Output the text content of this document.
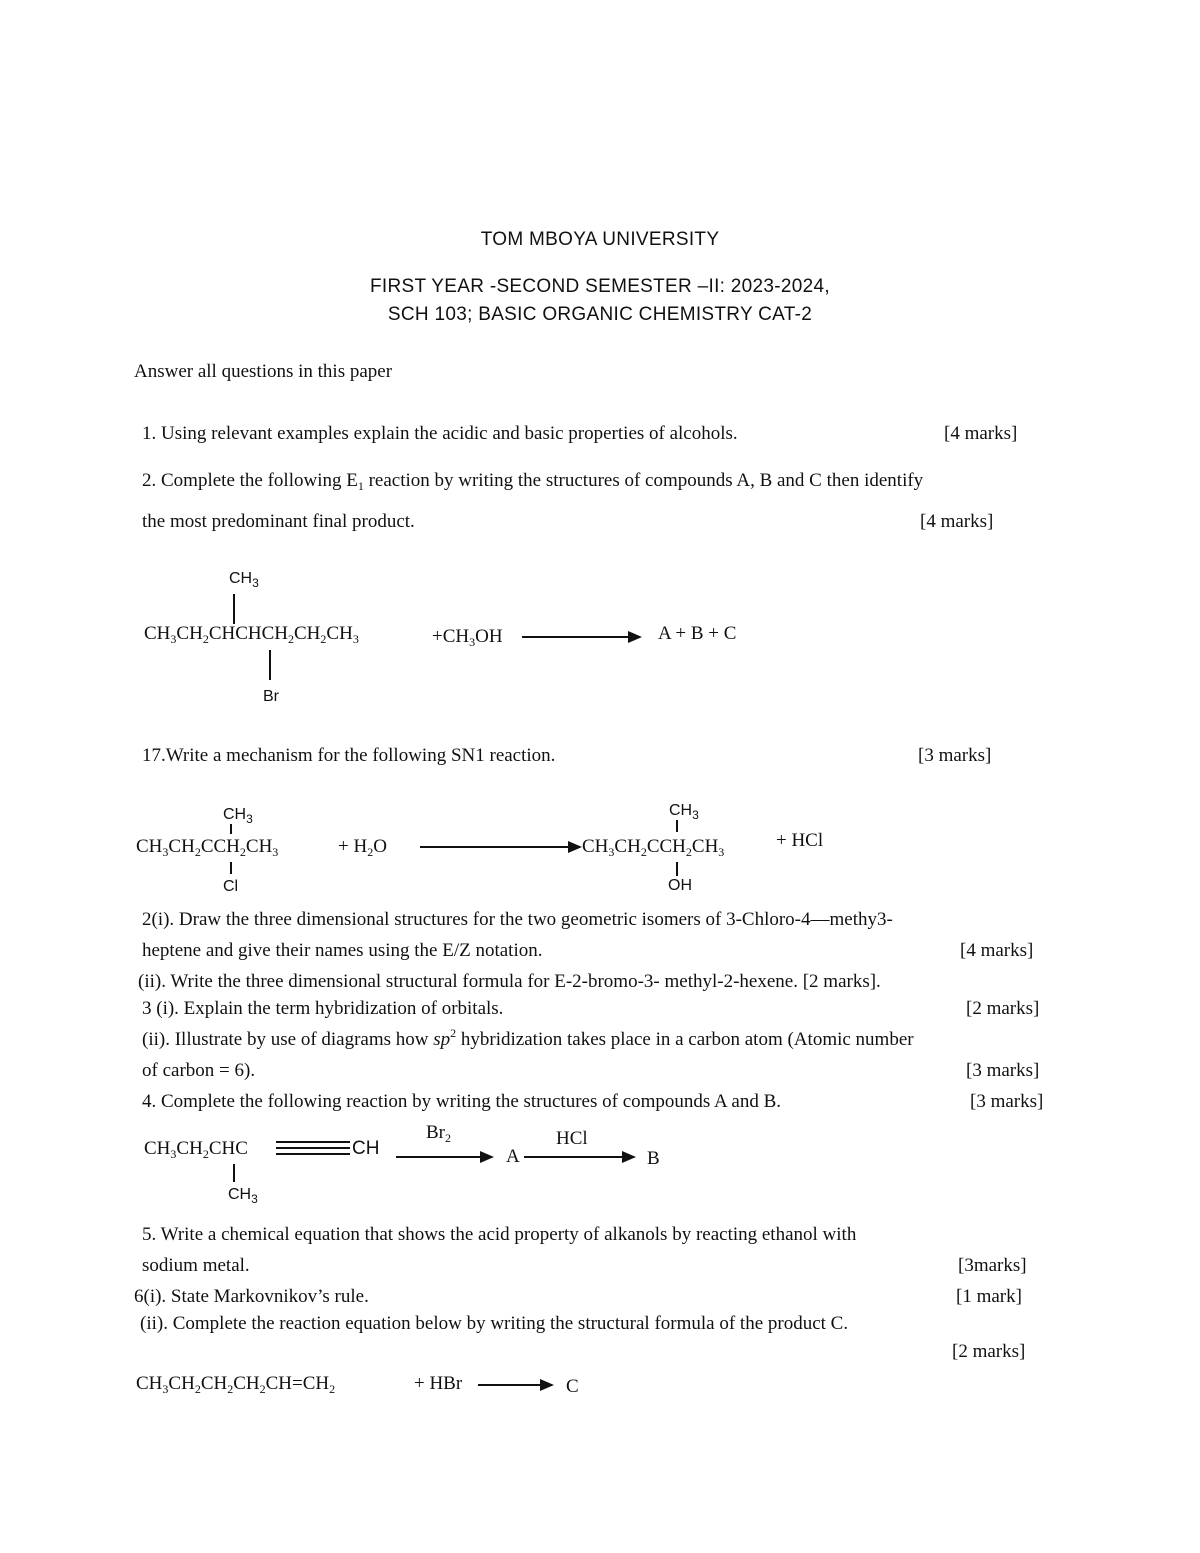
TOM MBOYA UNIVERSITY
FIRST YEAR -SECOND SEMESTER –II: 2023-2024,
SCH 103; BASIC ORGANIC CHEMISTRY CAT-2
Answer all questions in this paper
1. Using relevant examples explain the acidic and basic properties of alcohols.	[4 marks]
2. Complete the following $E_1$ reaction by writing the structures of compounds A, B and C then identify
the most predominant final product.	[4 marks]
$CH_3$
$CH_3CH_2CHCHCH_2CH_2CH_3$
Br
$+CH_3OH$	A + B + C
17.Write a mechanism for the following SN1 reaction.	[3 marks]
$CH_3$
$CH_3CH_2CCH_2CH_3$
Cl
+ $H_2O$
$CH_3$
$CH_3CH_2CCH_2CH_3$
+ HCl
OH
2(i). Draw the three dimensional structures for the two geometric isomers of 3-Chloro-4—methy3-
heptene and give their names using the E/Z notation.	[4 marks]
(ii). Write the three dimensional structural formula for E-2-bromo-3- methyl-2-hexene. [2 marks].
3 (i). Explain the term hybridization of orbitals.	[2 marks]
(ii). Illustrate by use of diagrams how $sp^2$ hybridization takes place in a carbon atom (Atomic number
of carbon = 6).	[3 marks]
4. Complete the following reaction by writing the structures of compounds A and B.	[3 marks]
$CH_3CH_2CHC$	CH
$CH_3$
$Br_2$
A
HCl
B
5. Write a chemical equation that shows the acid property of alkanols by reacting ethanol with
sodium metal.	[3marks]
6(i). State Markovnikov’s rule.	[1 mark]
(ii). Complete the reaction equation below by writing the structural formula of the product C.
[2 marks]
$CH_3CH_2CH_2CH_2CH=CH_2$	+ HBr	C
